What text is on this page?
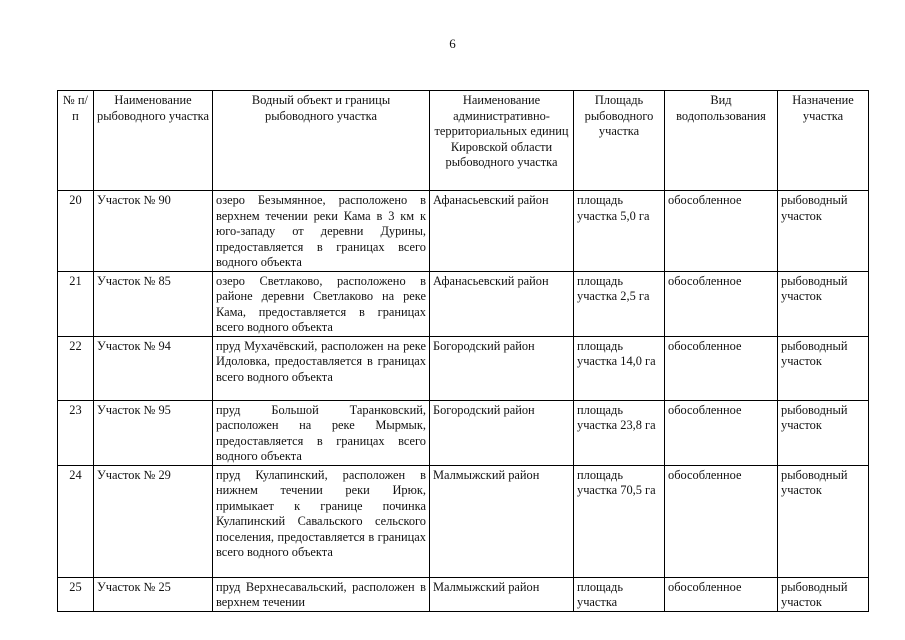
6
№ п/п	Наименование рыбоводного участка	Водный объект и границы рыбоводного участка	Наименование административно-территориальных единиц Кировской области рыбоводного участка	Площадь рыбоводного участка	Вид водопользования	Назначение участка
20	Участок № 90	озеро Безымянное, расположено в верхнем течении реки Кама в 3 км к юго-западу от деревни Дурины, предоставляется в границах всего водного объекта	Афанасьевский район	площадь участка 5,0 га	обособленное	рыбоводный участок
21	Участок № 85	озеро Светлаково, расположено в районе деревни Светлаково на реке Кама, предоставляется в границах всего водного объекта	Афанасьевский район	площадь участка 2,5 га	обособленное	рыбоводный участок
22	Участок № 94	пруд Мухачёвский, расположен на реке Идоловка, предоставляется в границах всего водного объекта	Богородский район	площадь участка 14,0 га	обособленное	рыбоводный участок
23	Участок № 95	пруд Большой Таранковский, расположен на реке Мырмык, предоставляется в границах всего водного объекта	Богородский район	площадь участка 23,8 га	обособленное	рыбоводный участок
24	Участок № 29	пруд Кулапинский, расположен в нижнем течении реки Ирюк, примыкает к границе починка Кулапинский Савальского сельского поселения, предоставляется в границах всего водного объекта	Малмыжский район	площадь участка 70,5 га	обособленное	рыбоводный участок
25	Участок № 25	пруд Верхнесавальский, расположен в верхнем течении	Малмыжский район	площадь участка	обособленное	рыбоводный участок
